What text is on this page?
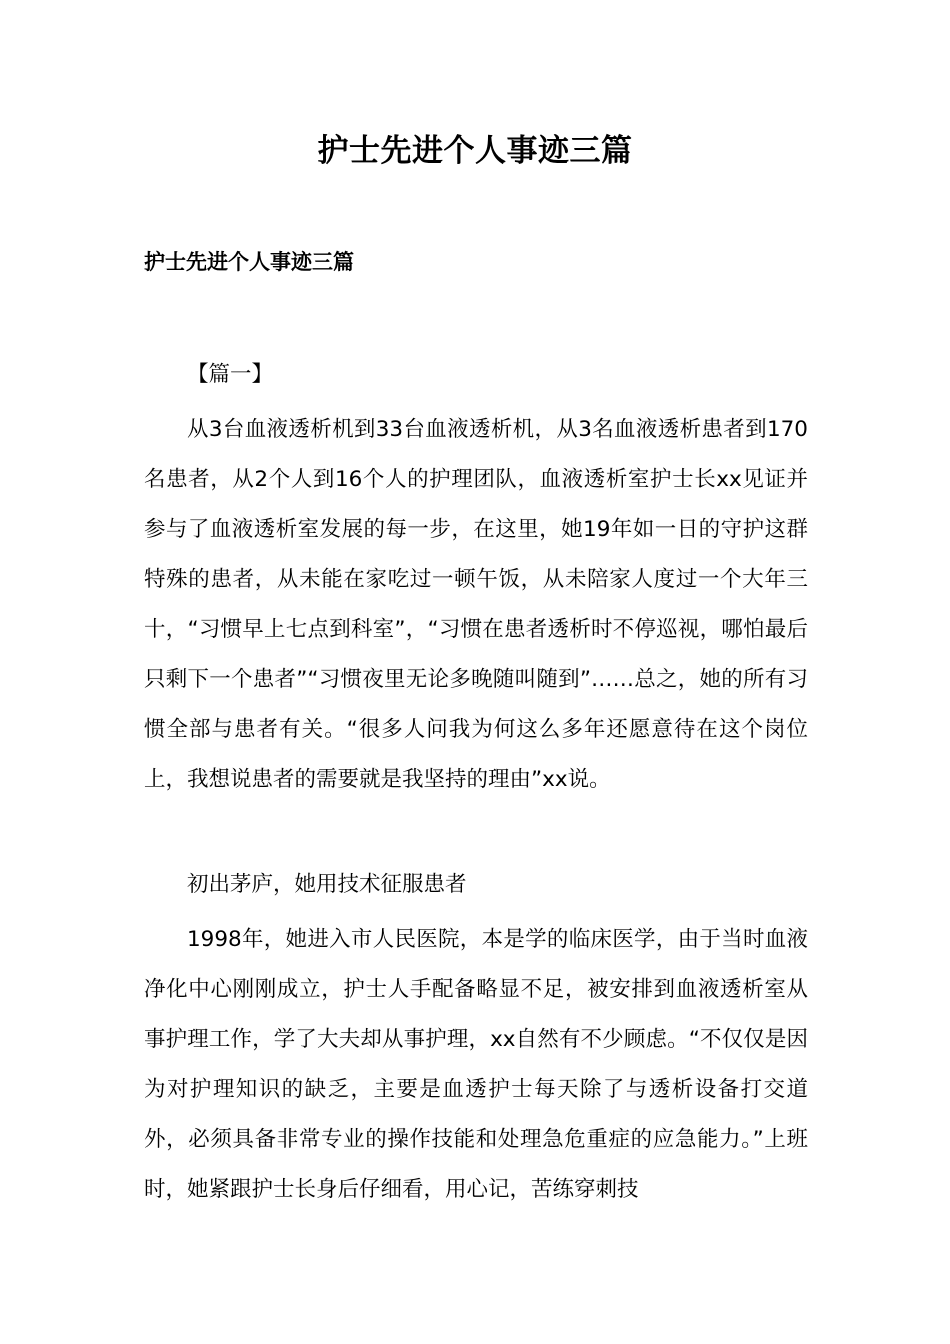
护士先进个人事迹三篇
护士先进个人事迹三篇

【篇一】

从3台血液透析机到33台血液透析机，从3名血液透析患者到170名患者，从2个人到16个人的护理团队，血液透析室护士长xx见证并参与了血液透析室发展的每一步，在这里，她19年如一日的守护这群特殊的患者，从未能在家吃过一顿午饭，从未陪家人度过一个大年三十，“习惯早上七点到科室”，“习惯在患者透析时不停巡视，哪怕最后只剩下一个患者”“习惯夜里无论多晚随叫随到”……总之，她的所有习惯全部与患者有关。“很多人问我为何这么多年还愿意待在这个岗位上，我想说患者的需要就是我坚持的理由”xx说。

初出茅庐，她用技术征服患者

1998年，她进入市人民医院，本是学的临床医学，由于当时血液净化中心刚刚成立，护士人手配备略显不足，被安排到血液透析室从事护理工作，学了大夫却从事护理，xx自然有不少顾虑。“不仅仅是因为对护理知识的缺乏，主要是血透护士每天除了与透析设备打交道外，必须具备非常专业的操作技能和处理急危重症的应急能力。”上班时，她紧跟护士长身后仔细看，用心记，苦练穿刺技
